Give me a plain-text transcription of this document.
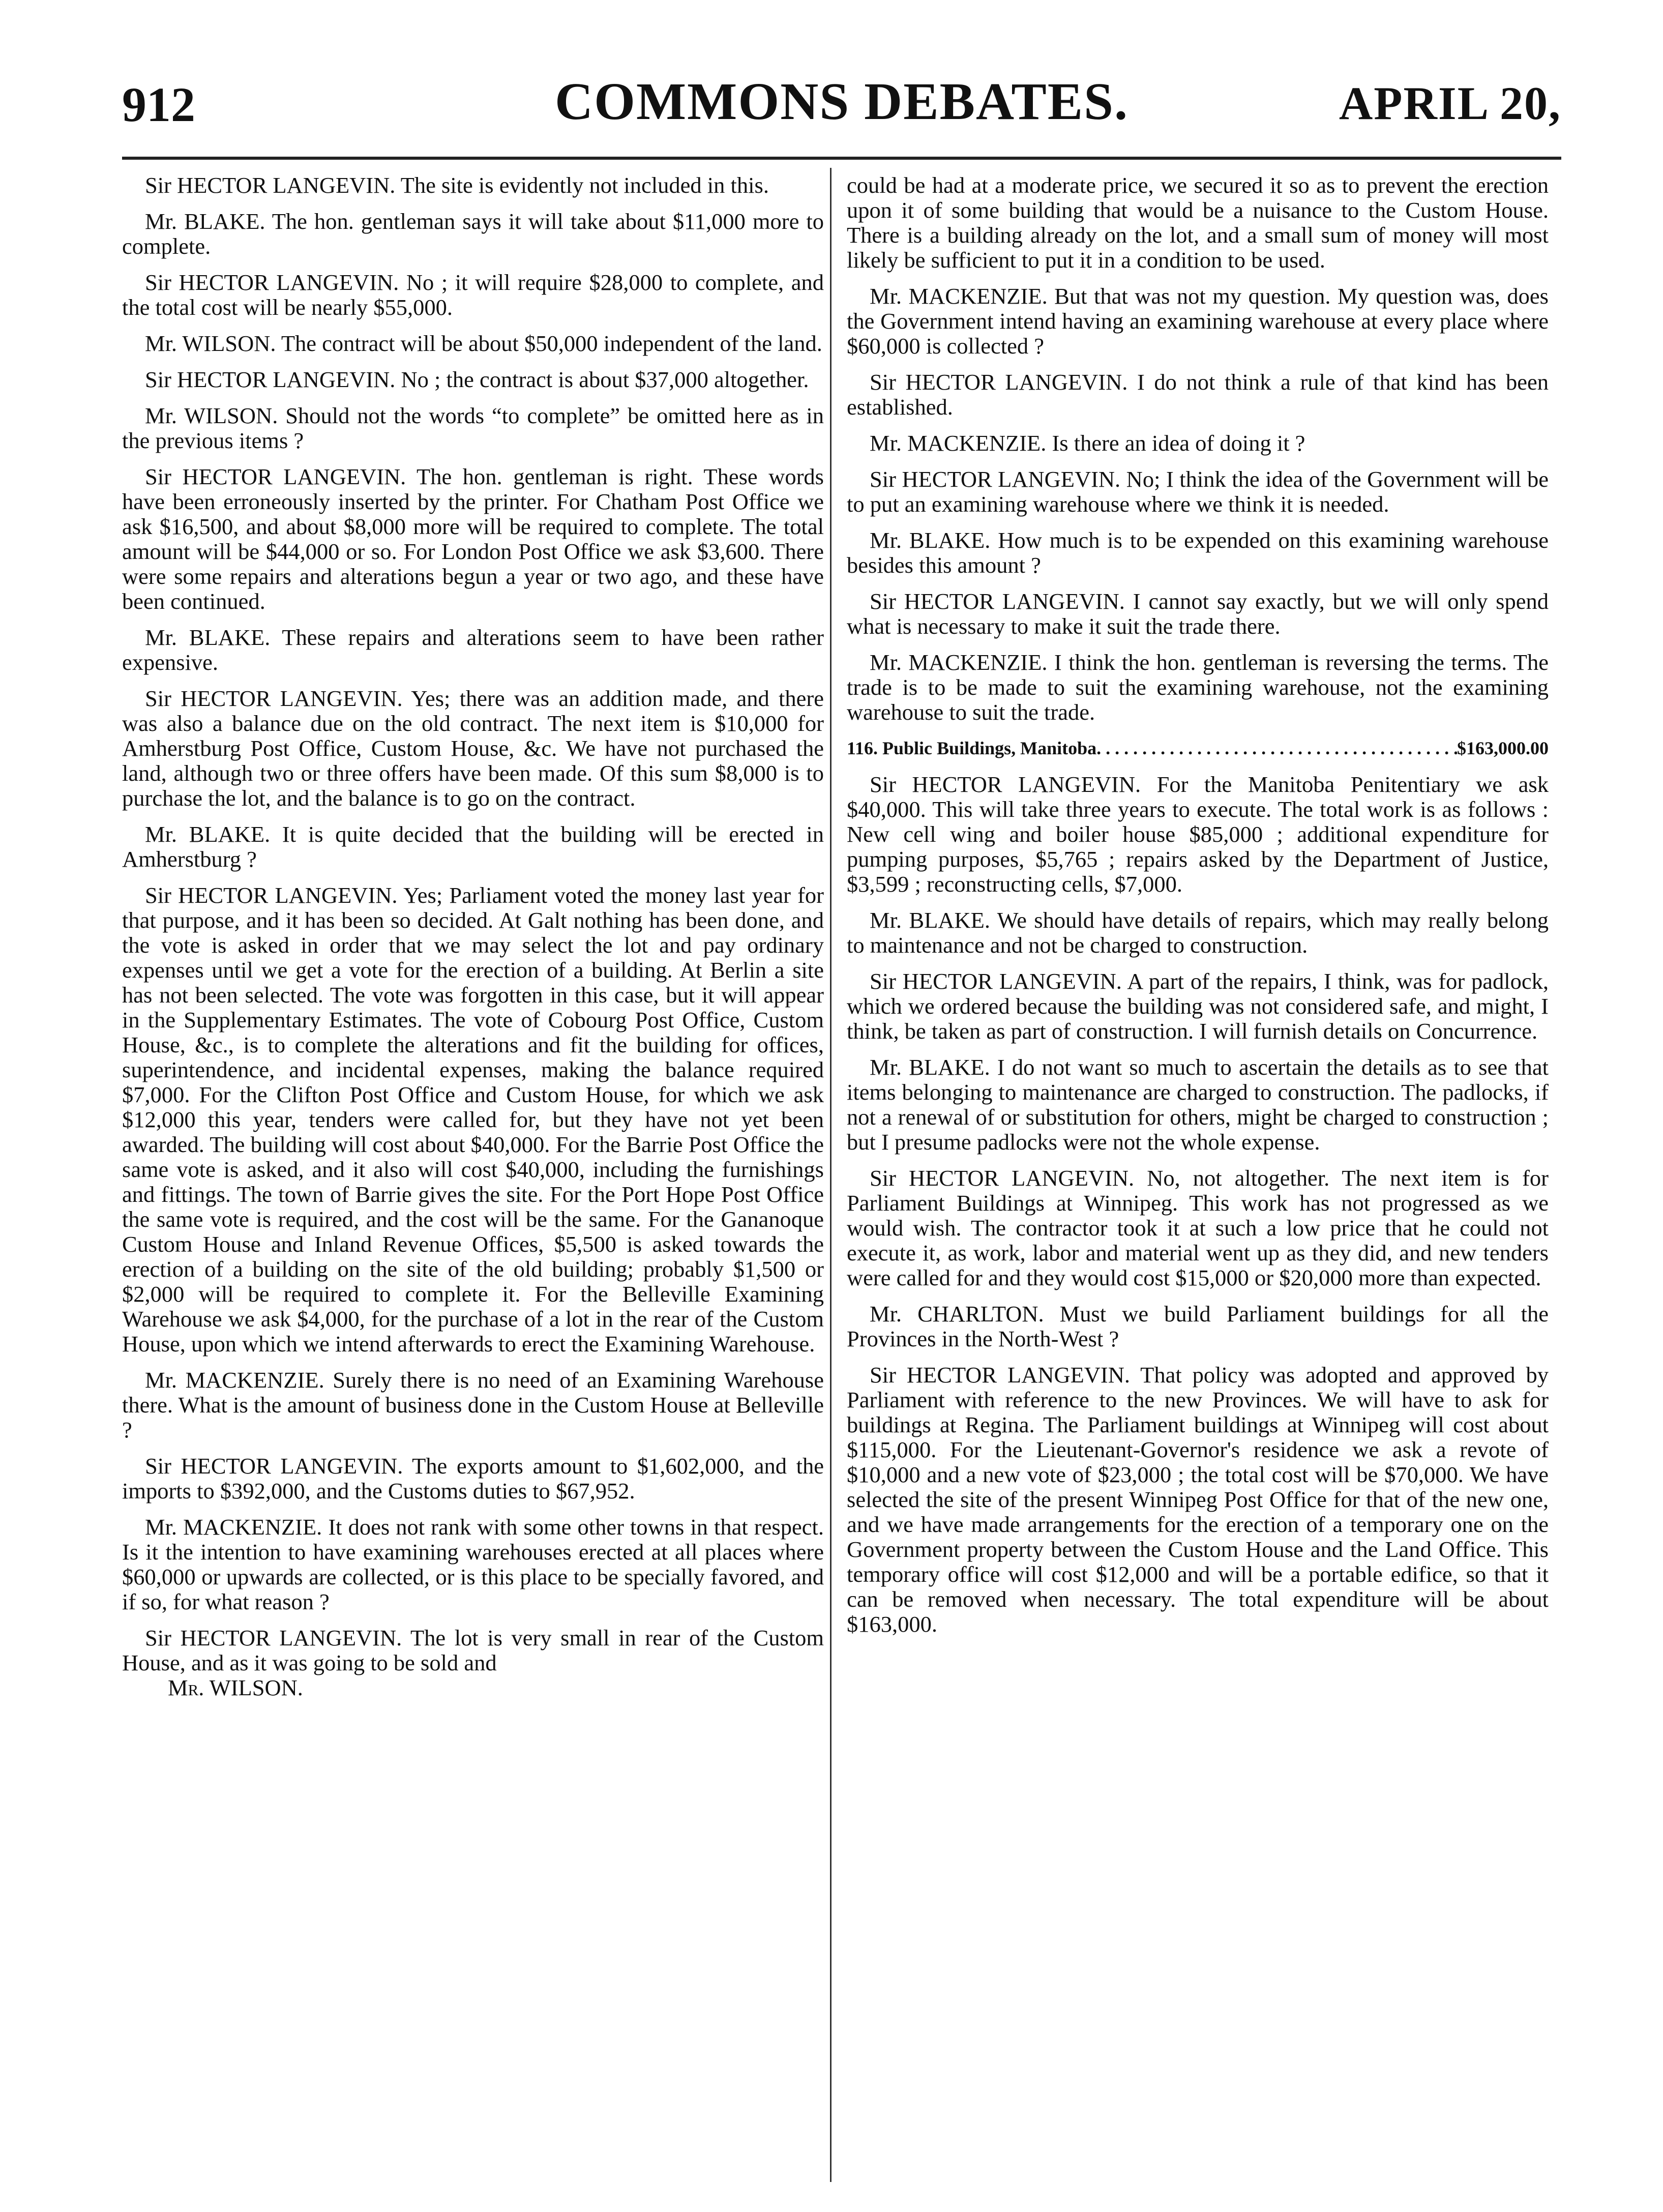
912	COMMONS DEBATES.	APRIL 20,

Sir HECTOR LANGEVIN. The site is evidently not included in this.

Mr. BLAKE. The hon. gentleman says it will take about $11,000 more to complete.

Sir HECTOR LANGEVIN. No ; it will require $28,000 to complete, and the total cost will be nearly $55,000.

Mr. WILSON. The contract will be about $50,000 independent of the land.

Sir HECTOR LANGEVIN. No ; the contract is about $37,000 altogether.

Mr. WILSON. Should not the words “to complete” be omitted here as in the previous items ?

Sir HECTOR LANGEVIN. The hon. gentleman is right. These words have been erroneously inserted by the printer. For Chatham Post Office we ask $16,500, and about $8,000 more will be required to complete. The total amount will be $44,000 or so. For London Post Office we ask $3,600. There were some repairs and alterations begun a year or two ago, and these have been continued.

Mr. BLAKE. These repairs and alterations seem to have been rather expensive.

Sir HECTOR LANGEVIN. Yes; there was an addition made, and there was also a balance due on the old contract. The next item is $10,000 for Amherstburg Post Office, Custom House, &c. We have not purchased the land, although two or three offers have been made. Of this sum $8,000 is to purchase the lot, and the balance is to go on the contract.

Mr. BLAKE. It is quite decided that the building will be erected in Amherstburg ?

Sir HECTOR LANGEVIN. Yes; Parliament voted the money last year for that purpose, and it has been so decided. At Galt nothing has been done, and the vote is asked in order that we may select the lot and pay ordinary expenses until we get a vote for the erection of a building. At Berlin a site has not been selected. The vote was forgotten in this case, but it will appear in the Supplementary Estimates. The vote of Cobourg Post Office, Custom House, &c., is to complete the alterations and fit the building for offices, superintendence, and incidental expenses, making the balance required $7,000. For the Clifton Post Office and Custom House, for which we ask $12,000 this year, tenders were called for, but they have not yet been awarded. The building will cost about $40,000. For the Barrie Post Office the same vote is asked, and it also will cost $40,000, including the furnishings and fittings. The town of Barrie gives the site. For the Port Hope Post Office the same vote is required, and the cost will be the same. For the Gananoque Custom House and Inland Revenue Offices, $5,500 is asked towards the erection of a building on the site of the old building; probably $1,500 or $2,000 will be required to complete it. For the Belleville Examining Warehouse we ask $4,000, for the purchase of a lot in the rear of the Custom House, upon which we intend afterwards to erect the Examining Warehouse.

Mr. MACKENZIE. Surely there is no need of an Examining Warehouse there. What is the amount of business done in the Custom House at Belleville ?

Sir HECTOR LANGEVIN. The exports amount to $1,602,000, and the imports to $392,000, and the Customs duties to $67,952.

Mr. MACKENZIE. It does not rank with some other towns in that respect. Is it the intention to have examining warehouses erected at all places where $60,000 or upwards are collected, or is this place to be specially favored, and if so, for what reason ?

Sir HECTOR LANGEVIN. The lot is very small in rear of the Custom House, and as it was going to be sold and

Mr. WILSON.

could be had at a moderate price, we secured it so as to prevent the erection upon it of some building that would be a nuisance to the Custom House. There is a building already on the lot, and a small sum of money will most likely be sufficient to put it in a condition to be used.

Mr. MACKENZIE. But that was not my question. My question was, does the Government intend having an examining warehouse at every place where $60,000 is collected ?

Sir HECTOR LANGEVIN. I do not think a rule of that kind has been established.

Mr. MACKENZIE. Is there an idea of doing it ?

Sir HECTOR LANGEVIN. No; I think the idea of the Government will be to put an examining warehouse where we think it is needed.

Mr. BLAKE. How much is to be expended on this examining warehouse besides this amount ?

Sir HECTOR LANGEVIN. I cannot say exactly, but we will only spend what is necessary to make it suit the trade there.

Mr. MACKENZIE. I think the hon. gentleman is reversing the terms. The trade is to be made to suit the examining warehouse, not the examining warehouse to suit the trade.

116. Public Buildings, Manitoba
. . .	$163,000.00

Sir HECTOR LANGEVIN. For the Manitoba Penitentiary we ask $40,000. This will take three years to execute. The total work is as follows : New cell wing and boiler house $85,000 ; additional expenditure for pumping purposes, $5,765 ; repairs asked by the Department of Justice, $3,599 ; reconstructing cells, $7,000.

Mr. BLAKE. We should have details of repairs, which may really belong to maintenance and not be charged to construction.

Sir HECTOR LANGEVIN. A part of the repairs, I think, was for padlock, which we ordered because the building was not considered safe, and might, I think, be taken as part of construction. I will furnish details on Concurrence.

Mr. BLAKE. I do not want so much to ascertain the details as to see that items belonging to maintenance are charged to construction. The padlocks, if not a renewal of or substitution for others, might be charged to construction ; but I presume padlocks were not the whole expense.

Sir HECTOR LANGEVIN. No, not altogether. The next item is for Parliament Buildings at Winnipeg. This work has not progressed as we would wish. The contractor took it at such a low price that he could not execute it, as work, labor and material went up as they did, and new tenders were called for and they would cost $15,000 or $20,000 more than expected.

Mr. CHARLTON. Must we build Parliament buildings for all the Provinces in the North-West ?

Sir HECTOR LANGEVIN. That policy was adopted and approved by Parliament with reference to the new Provinces. We will have to ask for buildings at Regina. The Parliament buildings at Winnipeg will cost about $115,000. For the Lieutenant-Governor's residence we ask a revote of $10,000 and a new vote of $23,000 ; the total cost will be $70,000. We have selected the site of the present Winnipeg Post Office for that of the new one, and we have made arrangements for the erection of a temporary one on the Government property between the Custom House and the Land Office. This temporary office will cost $12,000 and will be a portable edifice, so that it can be removed when necessary. The total expenditure will be about $163,000.
